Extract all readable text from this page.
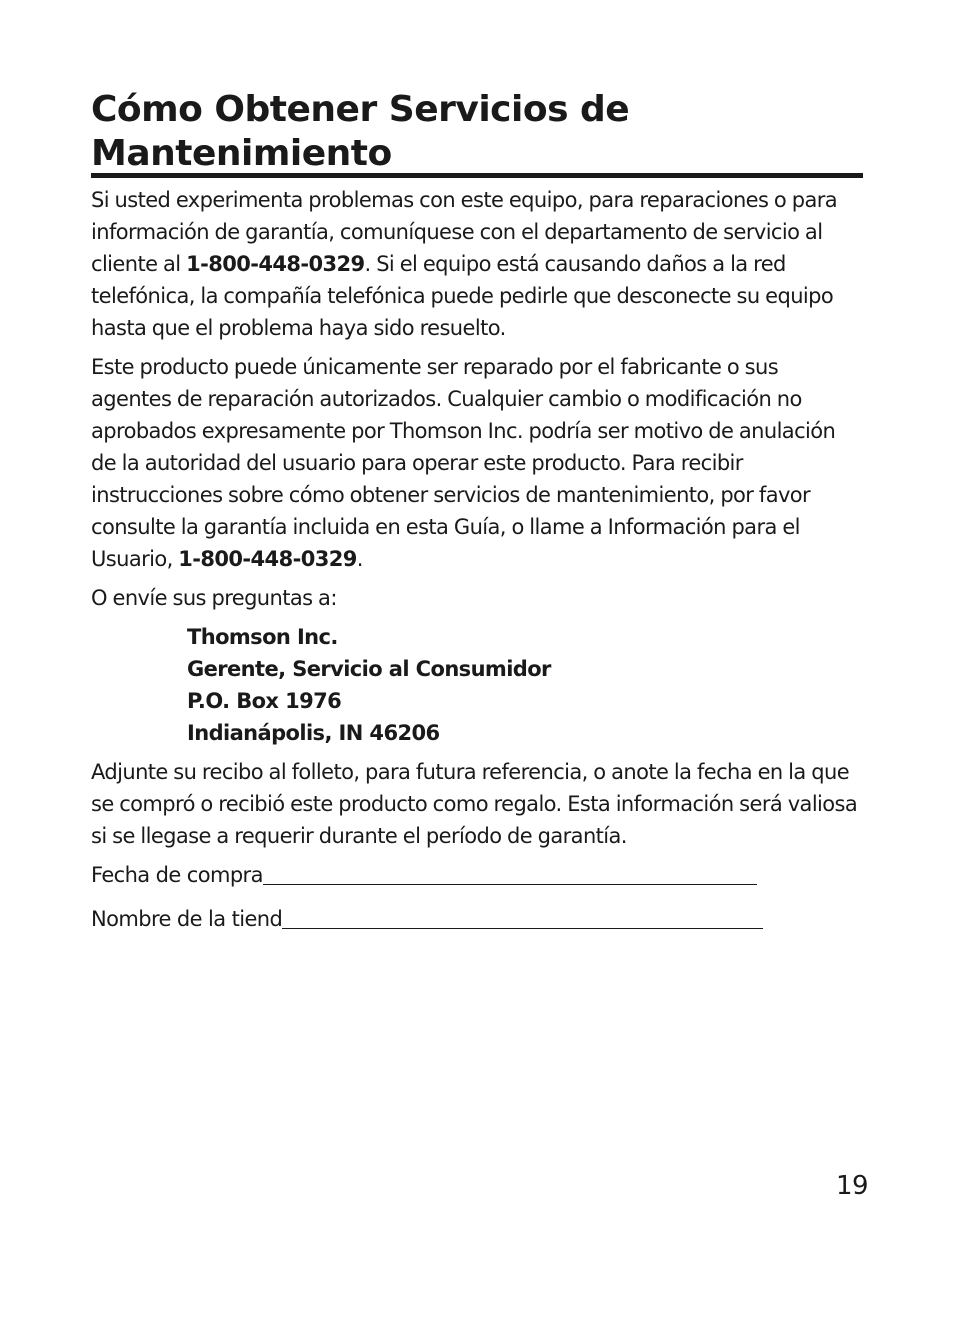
Cómo Obtener Servicios de
Mantenimiento

Si usted experimenta problemas con este equipo, para reparaciones o para información de garantía, comuníquese con el departamento de servicio al cliente al 1-800-448-0329. Si el equipo está causando daños a la red telefónica, la compañía telefónica puede pedirle que desconecte su equipo hasta que el problema haya sido resuelto.

Este producto puede únicamente ser reparado por el fabricante o sus agentes de reparación autorizados. Cualquier cambio o modificación no aprobados expresamente por Thomson Inc. podría ser motivo de anulación de la autoridad del usuario para operar este producto. Para recibir instrucciones sobre cómo obtener servicios de mantenimiento, por favor consulte la garantía incluida en esta Guía, o llame a Información para el Usuario, 1-800-448-0329.

O envíe sus preguntas a:

Thomson Inc.
Gerente, Servicio al Consumidor
P.O. Box 1976
Indianápolis, IN 46206

Adjunte su recibo al folleto, para futura referencia, o anote la fecha en la que se compró o recibió este producto como regalo. Esta información será valiosa si se llegase a requerir durante el período de garantía.

Fecha de compra
Nombre de la tiend
19
